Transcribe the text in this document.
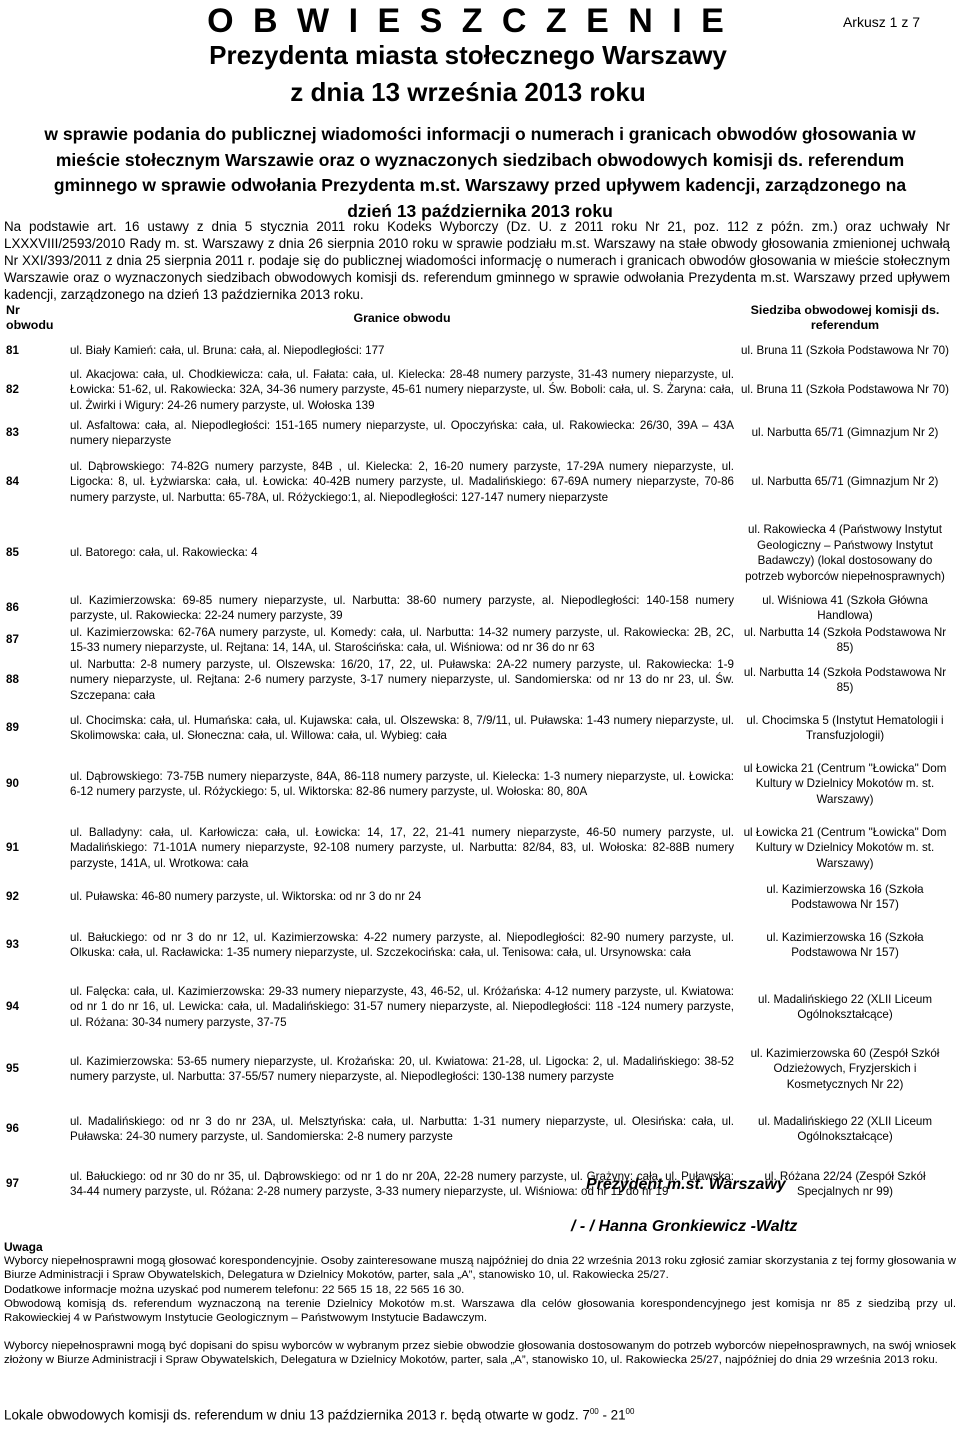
O B W I E S Z C Z E N I E	Arkusz 1 z 7
Prezydenta miasta stołecznego Warszawy
z dnia 13 września 2013 roku
w sprawie podania do publicznej wiadomości informacji o numerach i granicach obwodów głosowania w mieście stołecznym Warszawie oraz o wyznaczonych siedzibach obwodowych komisji ds. referendum gminnego w sprawie odwołania Prezydenta m.st. Warszawy przed upływem kadencji, zarządzonego na dzień 13 października 2013 roku
Na podstawie art. 16 ustawy z dnia 5 stycznia 2011 roku Kodeks Wyborczy (Dz. U. z 2011 roku Nr 21, poz. 112 z późn. zm.) oraz uchwały Nr LXXXVIII/2593/2010 Rady m. st. Warszawy z dnia 26 sierpnia 2010 roku w sprawie podziału m.st. Warszawy na stałe obwody głosowania zmienionej uchwałą Nr XXI/393/2011 z dnia 25 sierpnia 2011 r. podaje się do publicznej wiadomości informację o numerach i granicach obwodów głosowania w mieście stołecznym Warszawie oraz o wyznaczonych siedzibach obwodowych komisji ds. referendum gminnego w sprawie odwołania Prezydenta m.st. Warszawy przed upływem kadencji, zarządzonego na dzień 13 października 2013 roku.
Nr obwodu	Granice obwodu	Siedziba obwodowej komisji ds. referendum
81	ul. Biały Kamień: cała, ul. Bruna: cała, al. Niepodległości: 177	ul. Bruna 11 (Szkoła Podstawowa Nr 70)
82	ul. Akacjowa: cała, ul. Chodkiewicza: cała, ul. Fałata: cała, ul. Kielecka: 28-48 numery parzyste, 31-43 numery nieparzyste, ul. Łowicka: 51-62, ul. Rakowiecka: 32A, 34-36 numery parzyste, 45-61 numery nieparzyste, ul. Św. Boboli: cała, ul. S. Żaryna: cała, ul. Żwirki i Wigury: 24-26 numery parzyste, ul. Wołoska 139	ul. Bruna 11 (Szkoła Podstawowa Nr 70)
83	ul. Asfaltowa: cała, al. Niepodległości: 151-165 numery nieparzyste, ul. Opoczyńska: cała, ul. Rakowiecka: 26/30, 39A – 43A numery nieparzyste	ul. Narbutta 65/71 (Gimnazjum Nr 2)
84	ul. Dąbrowskiego: 74-82G numery parzyste, 84B , ul. Kielecka: 2, 16-20 numery parzyste, 17-29A numery nieparzyste, ul. Ligocka: 8, ul. Łyżwiarska: cała, ul. Łowicka: 40-42B numery parzyste, ul. Madalińskiego: 67-69A numery nieparzyste, 70-86 numery parzyste, ul. Narbutta: 65-78A, ul. Różyckiego:1, al. Niepodległości: 127-147 numery nieparzyste	ul. Narbutta 65/71 (Gimnazjum Nr 2)
85	ul. Batorego: cała, ul. Rakowiecka: 4	ul. Rakowiecka 4 (Państwowy Instytut Geologiczny – Państwowy Instytut Badawczy) (lokal dostosowany do potrzeb wyborców niepełnosprawnych)
86	ul. Kazimierzowska: 69-85 numery nieparzyste, ul. Narbutta: 38-60 numery parzyste, al. Niepodległości: 140-158 numery parzyste, ul. Rakowiecka: 22-24 numery parzyste, 39	ul. Wiśniowa 41 (Szkoła Główna Handlowa)
87	ul. Kazimierzowska: 62-76A numery parzyste, ul. Komedy: cała, ul. Narbutta: 14-32 numery parzyste, ul. Rakowiecka: 2B, 2C, 15-33 numery nieparzyste, ul. Rejtana: 14, 14A, ul. Starościńska: cała, ul. Wiśniowa: od nr 36 do nr 63	ul. Narbutta 14 (Szkoła Podstawowa Nr 85)
88	ul. Narbutta: 2-8 numery parzyste, ul. Olszewska: 16/20, 17, 22, ul. Puławska: 2A-22 numery parzyste, ul. Rakowiecka: 1-9 numery nieparzyste, ul. Rejtana: 2-6 numery parzyste, 3-17 numery nieparzyste, ul. Sandomierska: od nr 13 do nr 23, ul. Św. Szczepana: cała	ul. Narbutta 14 (Szkoła Podstawowa Nr 85)
89	ul. Chocimska: cała, ul. Humańska: cała, ul. Kujawska: cała, ul. Olszewska: 8, 7/9/11, ul. Puławska: 1-43 numery nieparzyste, ul. Skolimowska: cała, ul. Słoneczna: cała, ul. Willowa: cała, ul. Wybieg: cała	ul. Chocimska 5 (Instytut Hematologii i Transfuzjologii)
90	ul. Dąbrowskiego: 73-75B numery nieparzyste, 84A, 86-118 numery parzyste, ul. Kielecka: 1-3 numery nieparzyste, ul. Łowicka: 6-12 numery parzyste, ul. Różyckiego: 5, ul. Wiktorska: 82-86 numery parzyste, ul. Wołoska: 80, 80A	ul Łowicka 21 (Centrum "Łowicka" Dom Kultury w Dzielnicy Mokotów m. st. Warszawy)
91	ul. Balladyny: cała, ul. Karłowicza: cała, ul. Łowicka: 14, 17, 22, 21-41 numery nieparzyste, 46-50 numery parzyste, ul. Madalińskiego: 71-101A numery nieparzyste, 92-108 numery parzyste, ul. Narbutta: 82/84, 83, ul. Wołoska: 82-88B numery parzyste, 141A, ul. Wrotkowa: cała	ul Łowicka 21 (Centrum "Łowicka" Dom Kultury w Dzielnicy Mokotów m. st. Warszawy)
92	ul. Puławska: 46-80 numery parzyste, ul. Wiktorska: od nr 3 do nr 24	ul. Kazimierzowska 16 (Szkoła Podstawowa Nr 157)
93	ul. Bałuckiego: od nr 3 do nr 12, ul. Kazimierzowska: 4-22 numery parzyste, al. Niepodległości: 82-90 numery parzyste, ul. Olkuska: cała, ul. Racławicka: 1-35 numery nieparzyste, ul. Szczekocińska: cała, ul. Tenisowa: cała, ul. Ursynowska: cała	ul. Kazimierzowska 16 (Szkoła Podstawowa Nr 157)
94	ul. Falęcka: cała, ul. Kazimierzowska: 29-33 numery nieparzyste, 43, 46-52, ul. Króżańska: 4-12 numery parzyste, ul. Kwiatowa: od nr 1 do nr 16, ul. Lewicka: cała, ul. Madalińskiego: 31-57 numery nieparzyste, al. Niepodległości: 118 -124 numery parzyste, ul. Różana: 30-34 numery parzyste, 37-75	ul. Madalińskiego 22 (XLII Liceum Ogólnokształcące)
95	ul. Kazimierzowska: 53-65 numery nieparzyste, ul. Krożańska: 20, ul. Kwiatowa: 21-28, ul. Ligocka: 2, ul. Madalińskiego: 38-52 numery parzyste, ul. Narbutta: 37-55/57 numery nieparzyste, al. Niepodległości: 130-138 numery parzyste	ul. Kazimierzowska 60 (Zespół Szkół Odzieżowych, Fryzjerskich i Kosmetycznych Nr 22)
96	ul. Madalińskiego: od nr 3 do nr 23A, ul. Melsztyńska: cała, ul. Narbutta: 1-31 numery nieparzyste, ul. Olesińska: cała, ul. Puławska: 24-30 numery parzyste, ul. Sandomierska: 2-8 numery parzyste	ul. Madalińskiego 22 (XLII Liceum Ogólnokształcące)
97	ul. Bałuckiego: od nr 30 do nr 35, ul. Dąbrowskiego: od nr 1 do nr 20A, 22-28 numery parzyste, ul. Grażyny: cała, ul. Puławska: 34-44 numery parzyste, ul. Różana: 2-28 numery parzyste, 3-33 numery nieparzyste, ul. Wiśniowa: od nr 11 do nr 19	ul. Różana 22/24 (Zespół Szkół Specjalnych nr 99)
Prezydent m.st. Warszawy
/ - / Hanna Gronkiewicz -Waltz

Uwaga

Wyborcy niepełnosprawni mogą głosować korespondencyjnie. Osoby zainteresowane muszą najpóźniej do dnia 22 września 2013 roku zgłosić zamiar skorzystania z tej formy głosowania w Biurze Administracji i Spraw Obywatelskich, Delegatura w Dzielnicy Mokotów, parter, sala „A”, stanowisko 10, ul. Rakowiecka 25/27.

Dodatkowe informacje można uzyskać pod numerem telefonu: 22 565 15 18, 22 565 16 30.

Obwodową komisją ds. referendum wyznaczoną na terenie Dzielnicy Mokotów m.st. Warszawa dla celów głosowania korespondencyjnego jest komisja nr 85 z siedzibą przy ul. Rakowieckiej 4 w Państwowym Instytucie Geologicznym – Państwowym Instytucie Badawczym.

Wyborcy niepełnosprawni mogą być dopisani do spisu wyborców w wybranym przez siebie obwodzie głosowania dostosowanym do potrzeb wyborców niepełnosprawnych, na swój wniosek złożony w Biurze Administracji i Spraw Obywatelskich, Delegatura w Dzielnicy Mokotów, parter, sala „A”, stanowisko 10, ul. Rakowiecka 25/27, najpóźniej do dnia 29 września 2013 roku.

Lokale obwodowych komisji ds. referendum w dniu 13 października 2013 r. będą otwarte w godz. $7^{00} - 21^{00}$
